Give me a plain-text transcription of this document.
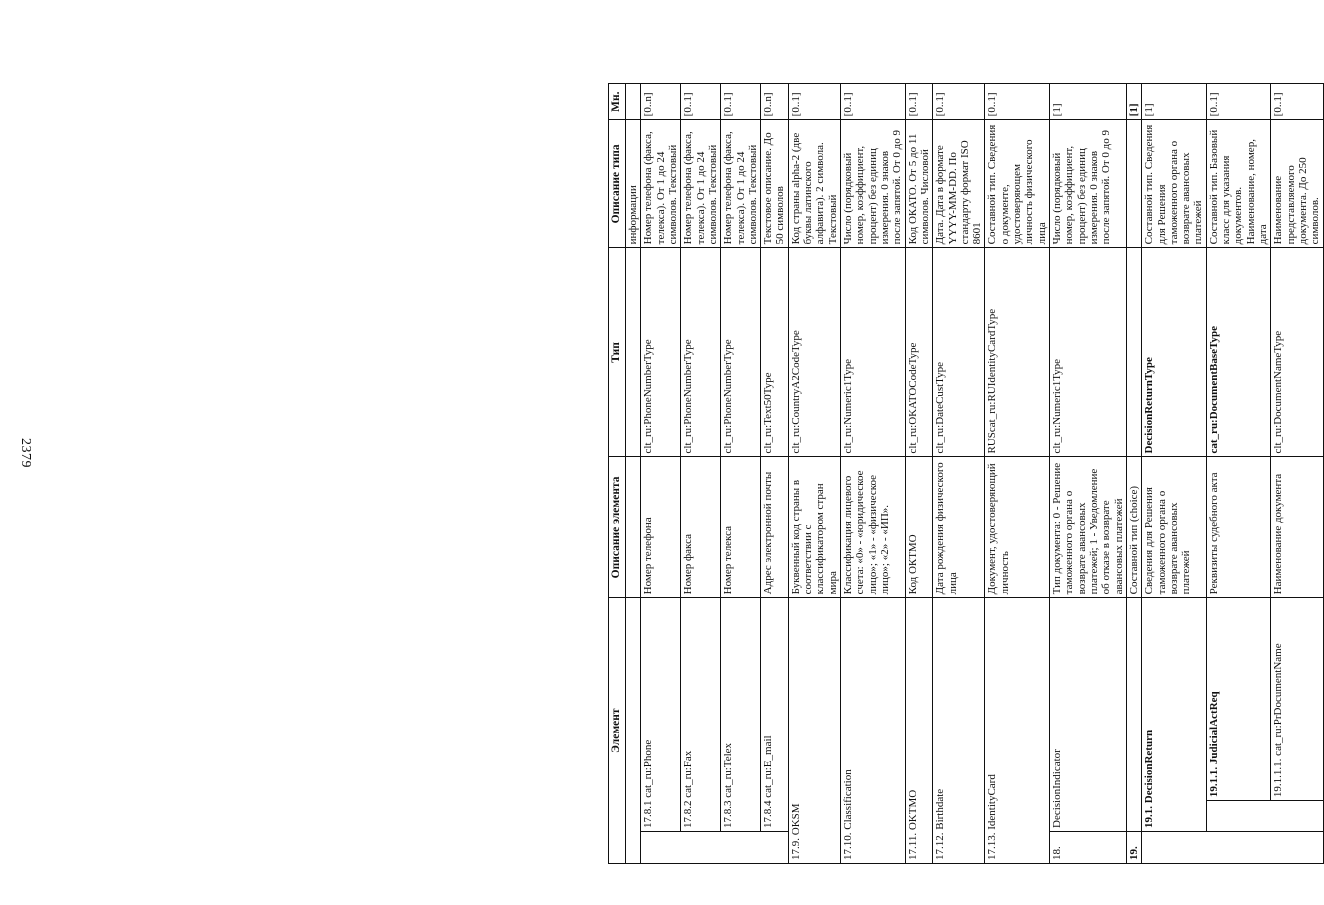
2379
Элемент			Описание элемента	Тип	Описание типа	Мн.
					информации	
	17.8.1 cat_ru:Phone		Номер телефона	clt_ru:PhoneNumberType	Номер телефона (факса, телекса). От 1 до 24 символов. Текстовый	[0..n]
	17.8.2 cat_ru:Fax		Номер факса	clt_ru:PhoneNumberType	Номер телефона (факса, телекса). От 1 до 24 символов. Текстовый	[0..1]
	17.8.3 cat_ru:Telex		Номер телекса	clt_ru:PhoneNumberType	Номер телефона (факса, телекса). От 1 до 24 символов. Текстовый	[0..1]
	17.8.4 cat_ru:E_mail		Адрес электронной почты	clt_ru:Text50Type	Текстовое описание. До 50 символов	[0..n]
17.9. OKSM			Буквенный код страны в соответствии с классификатором стран мира	clt_ru:CountryA2CodeType	Код страны alpha-2 (две буквы латинского алфавита). 2 символа. Текстовый	[0..1]
17.10. Classification			Классификация лицевого счета: «0» - «юридическое лицо»; «1» - «физическое лицо»; «2» - «ИП».	clt_ru:Numeric1Type	Число (порядковый номер, коэффициент, процент) без единиц измерения. 0 знаков после запятой. От 0 до 9	[0..1]
17.11. OKTMO			Код ОКТМО	clt_ru:OKATOCodeType	Код ОКАТО. От 5 до 11 символов. Числовой	[0..1]
17.12. Birthdate			Дата рождения физического лица	clt_ru:DateCustType	Дата. Дата в формате YYYY-MM-DD. По стандарту формат ISO 8601	[0..1]
17.13. IdentityCard			Документ, удостоверяющий личность	RUScat_ru:RUIdentityCardType	Составной тип. Сведения о документе, удостоверяющем личность физического лица	[0..1]
18.	DecisionIndicator		Тип документа: 0 - Решение таможенного органа о возврате авансовых платежей; 1 - Уведомление об отказе в возврате авансовых платежей	clt_ru:Numeric1Type	Число (порядковый номер, коэффициент, процент) без единиц измерения. 0 знаков после запятой. От 0 до 9	[1]
19.			Составной тип (choice)			[1]
	19.1. DecisionReturn		Сведения для Решения таможенного органа о возврате авансовых платежей	DecisionReturnType	Составной тип. Сведения для Решения таможенного органа о возврате авансовых платежей	[1]
		19.1.1. JudicialActReq	Реквизиты судебного акта	cat_ru:DocumentBaseType	Составной тип. Базовый класс для указания документов. Наименование, номер, дата	[0..1]
		19.1.1.1. cat_ru:PrDocumentName	Наименование документа	clt_ru:DocumentNameType	Наименование представляемого документа. До 250 символов.	[0..1]
